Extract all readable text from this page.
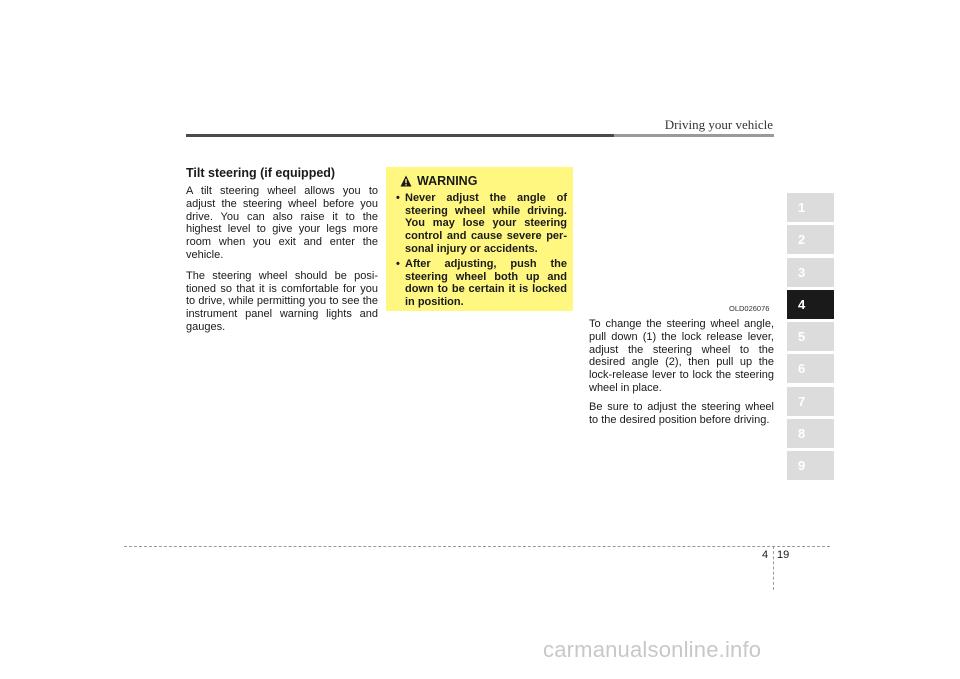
Driving your vehicle
Tilt steering (if equipped)

A tilt steering wheel allows you to adjust the steering wheel before you drive. You can also raise it to the highest level to give your legs more room when you exit and enter the vehicle.

The steering wheel should be posi-tioned so that it is comfortable for you to drive, while permitting you to see the instrument panel warning lights and gauges.

WARNING
• Never adjust the angle of steering wheel while driving. You may lose your steering control and cause severe per-sonal injury or accidents.
• After adjusting, push the steering wheel both up and down to be certain it is locked in position.
OLD026076

To change the steering wheel angle, pull down (1) the lock release lever, adjust the steering wheel to the desired angle (2), then pull up the lock-release lever to lock the steering wheel in place.

Be sure to adjust the steering wheel to the desired position before driving.

1
2
3
4
5
6
7
8
9
4 19
carmanualsonline.info
